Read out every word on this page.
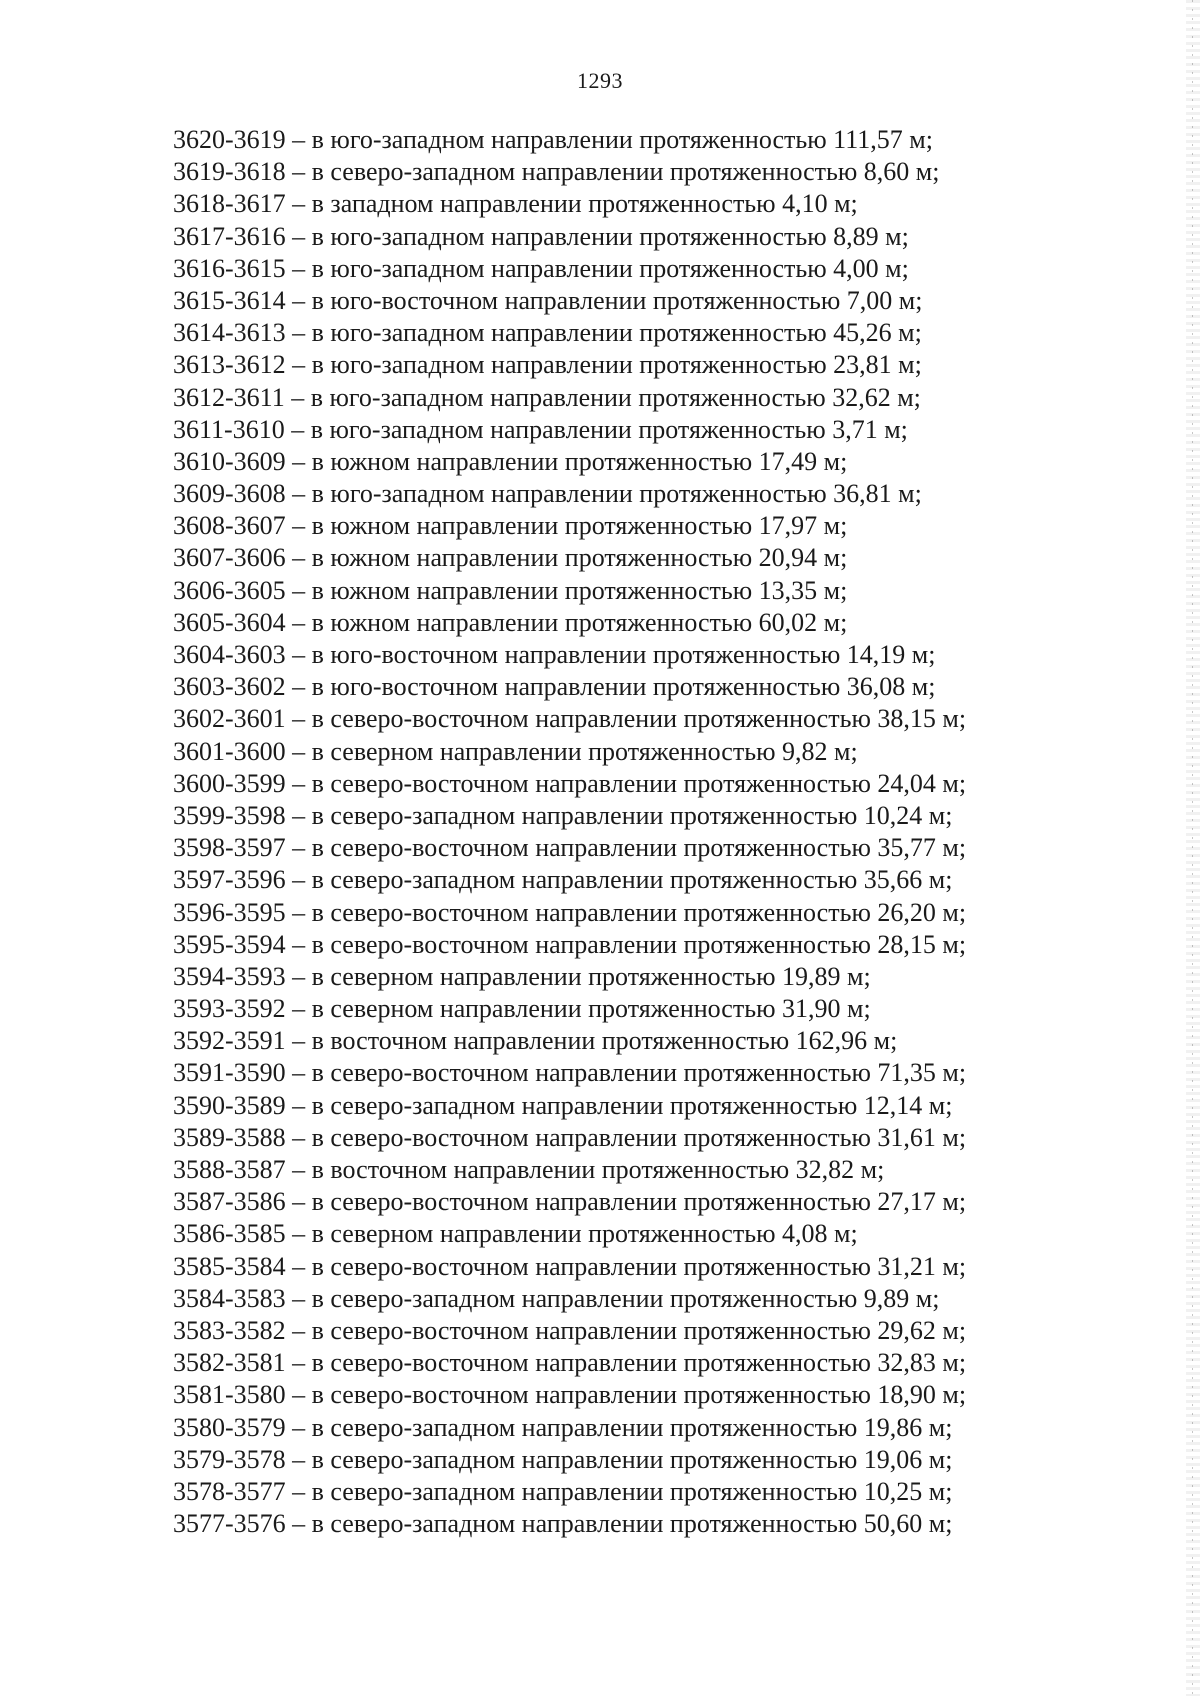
1293
3620-3619 – в юго-западном направлении протяженностью 111,57 м;
3619-3618 – в северо-западном направлении протяженностью 8,60 м;
3618-3617 – в западном направлении протяженностью 4,10 м;
3617-3616 – в юго-западном направлении протяженностью 8,89 м;
3616-3615 – в юго-западном направлении протяженностью 4,00 м;
3615-3614 – в юго-восточном направлении протяженностью 7,00 м;
3614-3613 – в юго-западном направлении протяженностью 45,26 м;
3613-3612 – в юго-западном направлении протяженностью 23,81 м;
3612-3611 – в юго-западном направлении протяженностью 32,62 м;
3611-3610 – в юго-западном направлении протяженностью 3,71 м;
3610-3609 – в южном направлении протяженностью 17,49 м;
3609-3608 – в юго-западном направлении протяженностью 36,81 м;
3608-3607 – в южном направлении протяженностью 17,97 м;
3607-3606 – в южном направлении протяженностью 20,94 м;
3606-3605 – в южном направлении протяженностью 13,35 м;
3605-3604 – в южном направлении протяженностью 60,02 м;
3604-3603 – в юго-восточном направлении протяженностью 14,19 м;
3603-3602 – в юго-восточном направлении протяженностью 36,08 м;
3602-3601 – в северо-восточном направлении протяженностью 38,15 м;
3601-3600 – в северном направлении протяженностью 9,82 м;
3600-3599 – в северо-восточном направлении протяженностью 24,04 м;
3599-3598 – в северо-западном направлении протяженностью 10,24 м;
3598-3597 – в северо-восточном направлении протяженностью 35,77 м;
3597-3596 – в северо-западном направлении протяженностью 35,66 м;
3596-3595 – в северо-восточном направлении протяженностью 26,20 м;
3595-3594 – в северо-восточном направлении протяженностью 28,15 м;
3594-3593 – в северном направлении протяженностью 19,89 м;
3593-3592 – в северном направлении протяженностью 31,90 м;
3592-3591 – в восточном направлении протяженностью 162,96 м;
3591-3590 – в северо-восточном направлении протяженностью 71,35 м;
3590-3589 – в северо-западном направлении протяженностью 12,14 м;
3589-3588 – в северо-восточном направлении протяженностью 31,61 м;
3588-3587 – в восточном направлении протяженностью 32,82 м;
3587-3586 – в северо-восточном направлении протяженностью 27,17 м;
3586-3585 – в северном направлении протяженностью 4,08 м;
3585-3584 – в северо-восточном направлении протяженностью 31,21 м;
3584-3583 – в северо-западном направлении протяженностью 9,89 м;
3583-3582 – в северо-восточном направлении протяженностью 29,62 м;
3582-3581 – в северо-восточном направлении протяженностью 32,83 м;
3581-3580 – в северо-восточном направлении протяженностью 18,90 м;
3580-3579 – в северо-западном направлении протяженностью 19,86 м;
3579-3578 – в северо-западном направлении протяженностью 19,06 м;
3578-3577 – в северо-западном направлении протяженностью 10,25 м;
3577-3576 – в северо-западном направлении протяженностью 50,60 м;
